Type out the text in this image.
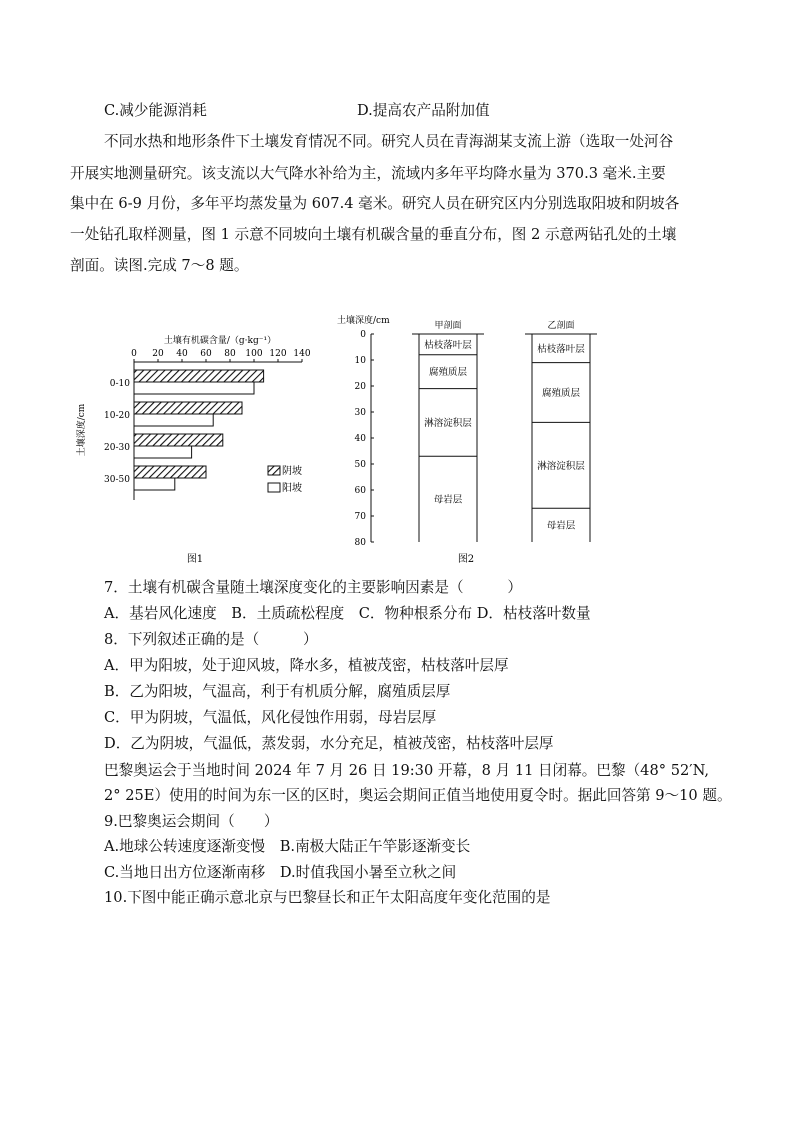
C.减少能源消耗	D.提高农产品附加值
不同水热和地形条件下土壤发育情况不同。研究人员在青海湖某支流上游（选取一处河谷
开展实地测量研究。该支流以大气降水补给为主，流域内多年平均降水量为 370.3 毫米.主要
集中在 6-9 月份，多年平均蒸发量为 607.4 毫米。研究人员在研究区内分别选取阳坡和阴坡各
一处钻孔取样测量，图 1 示意不同坡向土壤有机碳含量的垂直分布，图 2 示意两钻孔处的土壤
剖面。读图.完成 7～8 题。
土壤有机碳含量/（g·kg⁻¹）
0 20 40 60 80 100 120 140
0-10
10-20
20-30
30-50
土壤深度/cm
阴坡
阳坡
图1
土壤深度/cm
0
10
20
30
40
50
60
70
80
甲剖面
枯枝落叶层
腐殖质层
淋溶淀积层
母岩层
乙剖面
枯枝落叶层
腐殖质层
淋溶淀积层
母岩层
图2
7．土壤有机碳含量随土壤深度变化的主要影响因素是（　　　）
A．基岩风化速度　B．土质疏松程度　C．物种根系分布 D．枯枝落叶数量
8．下列叙述正确的是（　　　）
A．甲为阳坡，处于迎风坡，降水多，植被茂密，枯枝落叶层厚
B．乙为阳坡，气温高，利于有机质分解，腐殖质层厚
C．甲为阴坡，气温低，风化侵蚀作用弱，母岩层厚
D．乙为阴坡，气温低，蒸发弱，水分充足，植被茂密，枯枝落叶层厚
巴黎奥运会于当地时间 2024 年 7 月 26 日 19:30 开幕，8 月 11 日闭幕。巴黎（48° 52′N,
2° 25E）使用的时间为东一区的区时，奥运会期间正值当地使用夏令时。据此回答第 9～10 题。
9.巴黎奥运会期间（　　）
A.地球公转速度逐渐变慢　B.南极大陆正午竿影逐渐变长
C.当地日出方位逐渐南移　D.时值我国小暑至立秋之间
10.下图中能正确示意北京与巴黎昼长和正午太阳高度年变化范围的是
